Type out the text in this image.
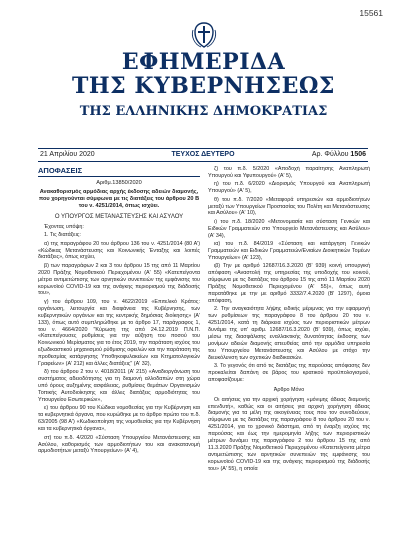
15561
ΕΦΗΜΕΡΙΔΑ
ΤΗΣ ΚΥΒΕΡΝΗΣΕΩΣ
ΤΗΣ ΕΛΛΗΝΙΚΗΣ ΔΗΜΟΚΡΑΤΙΑΣ
ΤΕΥΧΟΣ ΔΕΥΤΕΡΟ
21 Απριλίου 2020	Αρ. Φύλλου 1506
ΑΠΟΦΑΣΕΙΣ
Αριθμ.13850/2020
Ανακαθορισμός αρμόδιας αρχής έκδοσης αδειών διαμονής, που χορηγούνται σύμφωνα με τις διατάξεις του άρθρου 20 Β του ν. 4251/2014, όπως ισχύει.
Ο ΥΠΟΥΡΓΟΣ ΜΕΤΑΝΑΣΤΕΥΣΗΣ ΚΑΙ ΑΣΥΛΟΥ
Έχοντας υπόψη:
1. Τις διατάξεις:
α) της παραγράφου 20 του άρθρου 136 του ν. 4251/2014 (80 Α') «Κώδικας Μετανάστευσης και Κοινωνικής Ένταξης και λοιπές διατάξεις», όπως ισχύει,
β) των παραγράφων 2 και 3 του άρθρου 15 της από 11 Μαρτίου 2020 Πράξης Νομοθετικού Περιεχομένου (Α' 55) «Κατεπείγοντα μέτρα αντιμετώπισης των αρνητικών συνεπειών της εμφάνισης του κορωνοϊού COVID-19 και της ανάγκης περιορισμού της διάδοσής του»,
γ) του άρθρου 109, του ν. 4622/2019 «Επιτελικό Κράτος: οργάνωση, λειτουργία και διαφάνεια της Κυβέρνησης, των κυβερνητικών οργάνων και της κεντρικής δημόσιας διοίκησης» (Α' 133), όπως αυτό συμπληρώθηκε με το άρθρο 17, παράγραφος 1, του ν. 4664/2020 "Κύρωση της από 24.12.2019 Π.Ν.Π. «Κατεπείγουσες ρυθμίσεις για την αύξηση του ποσού του Κοινωνικού Μερίσματος για το έτος 2019, την παράταση ισχύος του εξωδικαστικού μηχανισμού ρύθμισης οφειλών και την παράταση της προθεσμίας κατάργησης Υποθηκοφυλακείων και Κτηματολογικών Γραφείων» (Α' 212) και άλλες διατάξεις" (Α' 32),
δ) του άρθρου 2 του ν. 4018/2011 (Α' 215) «Αναδιοργάνωση του συστήματος αδειοδότησης για τη διαμονή αλλοδαπών στη χώρα υπό όρους αυξημένης ασφάλειας, ρυθμίσεις θεμάτων Οργανισμών Τοπικής Αυτοδιοίκησης και άλλες διατάξεις αρμοδιότητας του Υπουργείου Εσωτερικών»,
ε) του άρθρου 90 του Κώδικα νομοθεσίας για την Κυβέρνηση και τα κυβερνητικά όργανα, που κυρώθηκε με το άρθρο πρώτο του π.δ. 63/2005 (98 Α') «Κωδικοποίηση της νομοθεσίας για την Κυβέρνηση και τα κυβερνητικά όργανα»,
στ) του π.δ. 4/2020 «Σύσταση Υπουργείου Μετανάστευσης και Ασύλου, καθορισμός των αρμοδιοτήτων του και ανακατανομή αρμοδιοτήτων μεταξύ Υπουργείων» (Α' 4),
ζ) του π.δ. 5/2020 «Αποδοχή παραίτησης Αναπληρωτή Υπουργού και Υφυπουργού» (Α' 5),
η) του π.δ. 6/2020 «Διορισμός Υπουργού και Αναπληρωτή Υπουργού» (Α' 5),
θ) του π.δ. 7/2020 «Μεταφορά υπηρεσιών και αρμοδιοτήτων μεταξύ των Υπουργείων Προστασίας του Πολίτη και Μετανάστευσης και Ασύλου» (Α' 10),
ι) του π.δ. 18/2020 «Μετονομασία και σύσταση Γενικών και Ειδικών Γραμματειών στο Υπουργείο Μετανάστευσης και Ασύλου» (Α' 34),
ια) του π.δ. 84/2019 «Σύσταση και κατάργηση Γενικών Γραμματειών και Ειδικών Γραμματειών/Ενιαίων Διοικητικών Τομέων Υπουργείων» (Α' 123),
ιβ) Την με αριθμό 12687/16.3.2020 (Β' 939) κοινή υπουργική απόφαση «Αναστολή της υπηρεσίας της υποδοχής του κοινού, σύμφωνα με τις διατάξεις του άρθρου 15 της από 11 Μαρτίου 2020 Πράξης Νομοθετικού Περιεχομένου (Α' 55)», όπως αυτή παρατάθηκε με την με αριθμό 3332/7.4.2020 (Β' 1297), όμοια απόφαση,
2. Την αναγκαιότητα λήψης ειδικής μέριμνας για την εφαρμογή των ρυθμίσεων της παραγράφου 8 του άρθρου 20 του ν. 4251/2014, κατά τη διάρκεια ισχύος των περιοριστικών μέτρων δυνάμει της υπ' αριθμ. 12687/16.3.2020 (Β' 939), όπως ισχύει, μέσω της διασφάλισης εναλλακτικής δυνατότητας έκδοσης των μονίμων αδειών διαμονής απευθείας από την αρμόδια υπηρεσία του Υπουργείου Μετανάστευσης και Ασύλου με στόχο την διευκόλυνση των σχετικών διαδικασιών.
3. Το γεγονός ότι από τις διατάξεις της παρούσας απόφασης δεν προκαλείται δαπάνη σε βάρος του κρατικού προϋπολογισμού, αποφασίζουμε:
Άρθρο Μόνο
Οι αιτήσεις για την αρχική χορήγηση «μόνιμης άδειας διαμονής επενδυτή», καθώς και οι αιτήσεις για αρχική χορήγηση άδειας διαμονής για τα μέλη της οικογένειας τους που τον συνοδεύουν, σύμφωνα με τις διατάξεις της παραγράφου 8 του άρθρου 20 του ν. 4251/2014, για το χρονικό διάστημα, από τη έναρξη ισχύος της παρούσας και έως την ημερομηνία λήξης των περιοριστικών μέτρων δυνάμει της παραγράφου 2 του άρθρου 15 της από 11.3.2020 Πράξης Νομοθετικού Περιεχομένου «Κατεπείγοντα μέτρα αντιμετώπισης των αρνητικών συνεπειών της εμφάνισης του κορωνοϊού COVID-19 και της ανάγκης περιορισμού της διάδοσής του» (Α' 55), η οποία
